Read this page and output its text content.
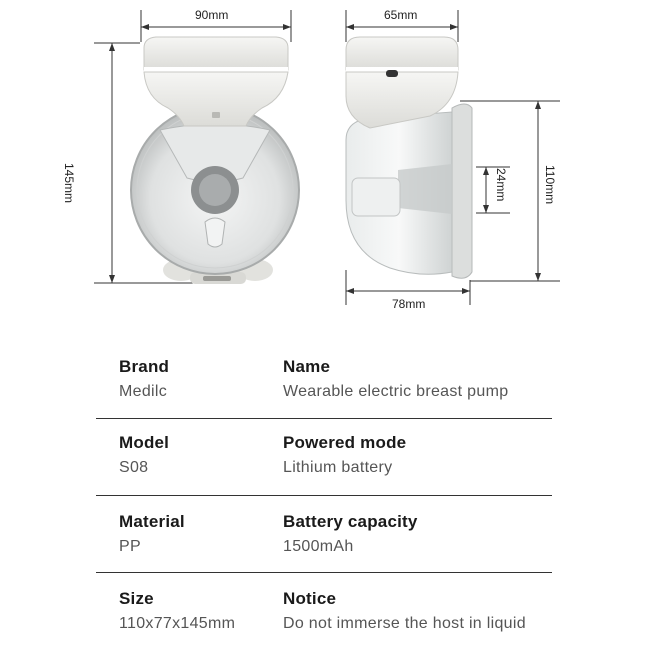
90mm
145mm
65mm
110mm
24mm
78mm
Brand
Medilc
Name
Wearable electric breast pump
Model
S08
Powered mode
Lithium battery
Material
PP
Battery capacity
1500mAh
Size
110x77x145mm
Notice
Do not immerse the host in liquid
